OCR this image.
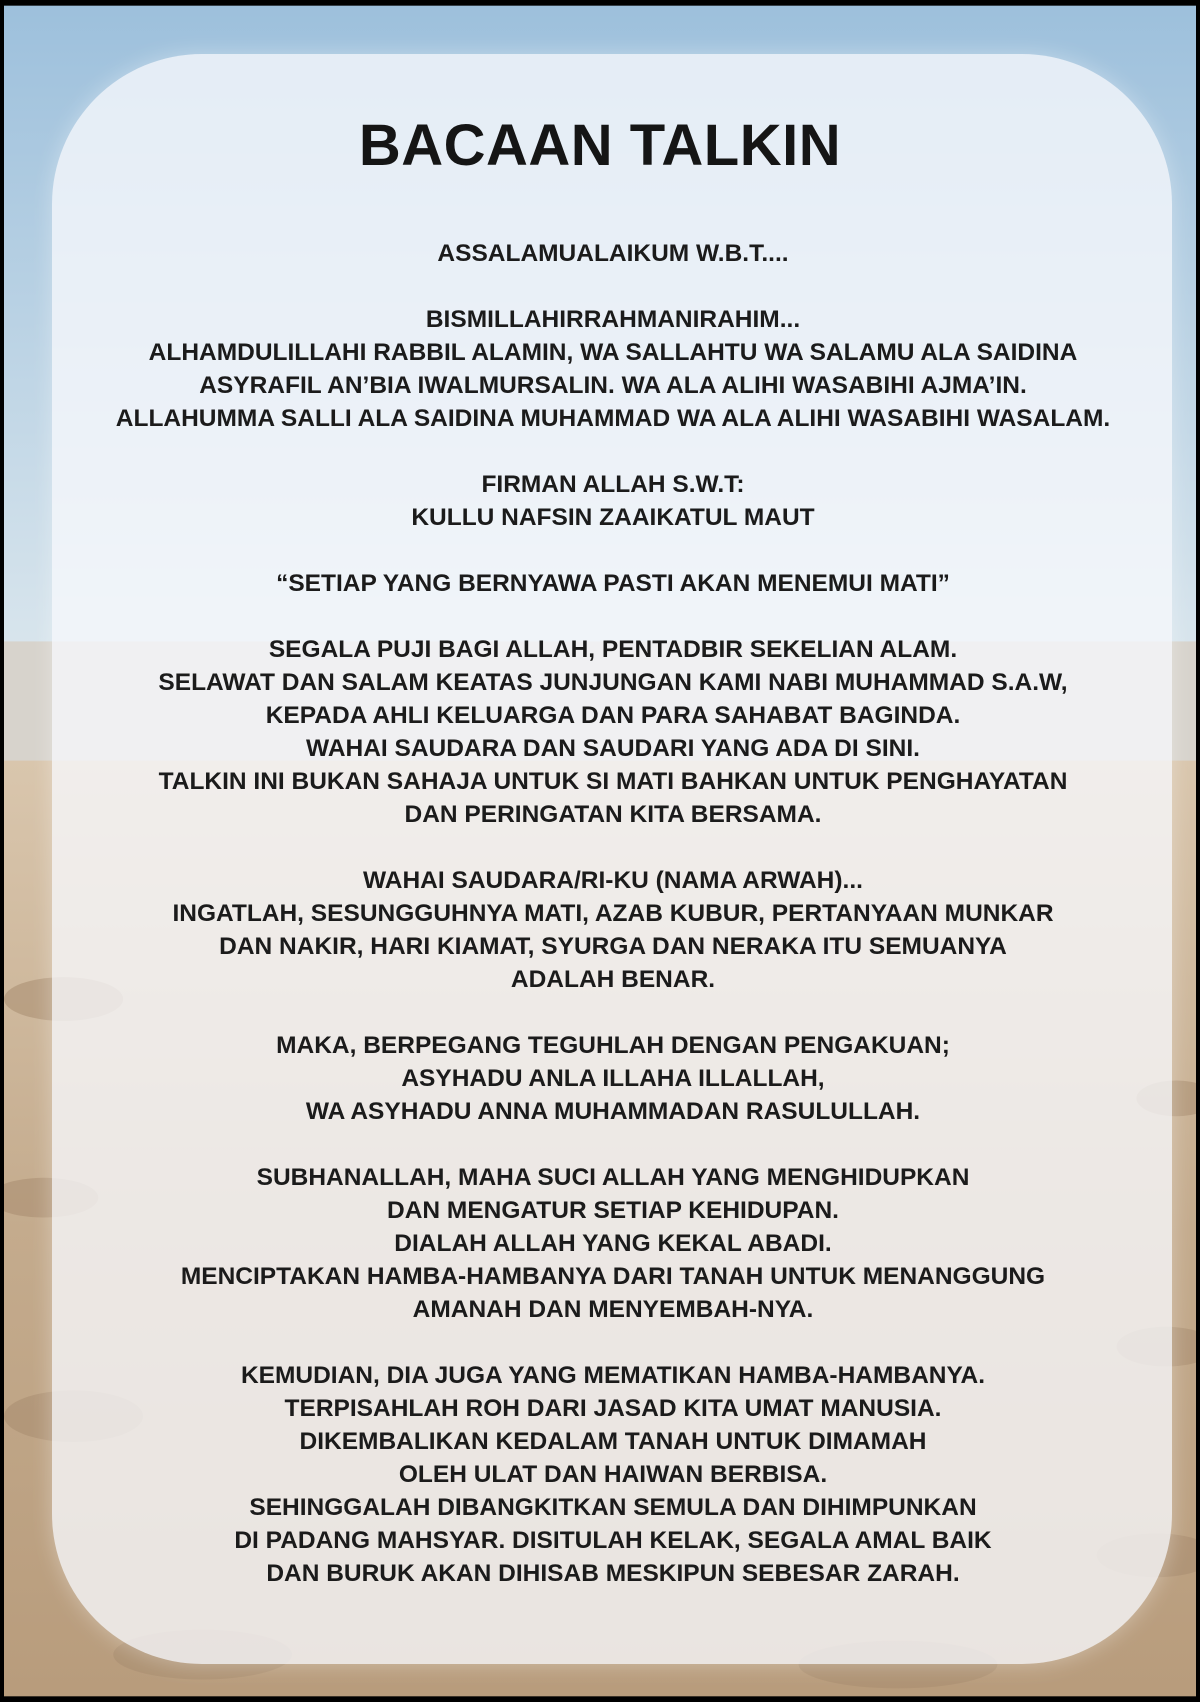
BACAAN TALKIN

ASSALAMUALAIKUM W.B.T....

BISMILLAHIRRAHMANIRAHIM...
ALHAMDULILLAHI RABBIL ALAMIN, WA SALLAHTU WA SALAMU ALA SAIDINA
ASYRAFIL AN’BIA IWALMURSALIN. WA ALA ALIHI WASABIHI AJMA’IN.
ALLAHUMMA SALLI ALA SAIDINA MUHAMMAD WA ALA ALIHI WASABIHI WASALAM.

FIRMAN ALLAH S.W.T:
KULLU NAFSIN ZAAIKATUL MAUT

“SETIAP YANG BERNYAWA PASTI AKAN MENEMUI MATI”

SEGALA PUJI BAGI ALLAH, PENTADBIR SEKELIAN ALAM.
SELAWAT DAN SALAM KEATAS JUNJUNGAN KAMI NABI MUHAMMAD S.A.W,
KEPADA AHLI KELUARGA DAN PARA SAHABAT BAGINDA.
WAHAI SAUDARA DAN SAUDARI YANG ADA DI SINI.
TALKIN INI BUKAN SAHAJA UNTUK SI MATI BAHKAN UNTUK PENGHAYATAN
DAN PERINGATAN KITA BERSAMA.

WAHAI SAUDARA/RI-KU (NAMA ARWAH)...
INGATLAH, SESUNGGUHNYA MATI, AZAB KUBUR, PERTANYAAN MUNKAR
DAN NAKIR, HARI KIAMAT, SYURGA DAN NERAKA ITU SEMUANYA
ADALAH BENAR.

MAKA, BERPEGANG TEGUHLAH DENGAN PENGAKUAN;
ASYHADU ANLA ILLAHA ILLALLAH,
WA ASYHADU ANNA MUHAMMADAN RASULULLAH.

SUBHANALLAH, MAHA SUCI ALLAH YANG MENGHIDUPKAN
DAN MENGATUR SETIAP KEHIDUPAN.
DIALAH ALLAH YANG KEKAL ABADI.
MENCIPTAKAN HAMBA-HAMBANYA DARI TANAH UNTUK MENANGGUNG
AMANAH DAN MENYEMBAH-NYA.

KEMUDIAN, DIA JUGA YANG MEMATIKAN HAMBA-HAMBANYA.
TERPISAHLAH ROH DARI JASAD KITA UMAT MANUSIA.
DIKEMBALIKAN KEDALAM TANAH UNTUK DIMAMAH
OLEH ULAT DAN HAIWAN BERBISA.
SEHINGGALAH DIBANGKITKAN SEMULA DAN DIHIMPUNKAN
DI PADANG MAHSYAR. DISITULAH KELAK, SEGALA AMAL BAIK
DAN BURUK AKAN DIHISAB MESKIPUN SEBESAR ZARAH.
